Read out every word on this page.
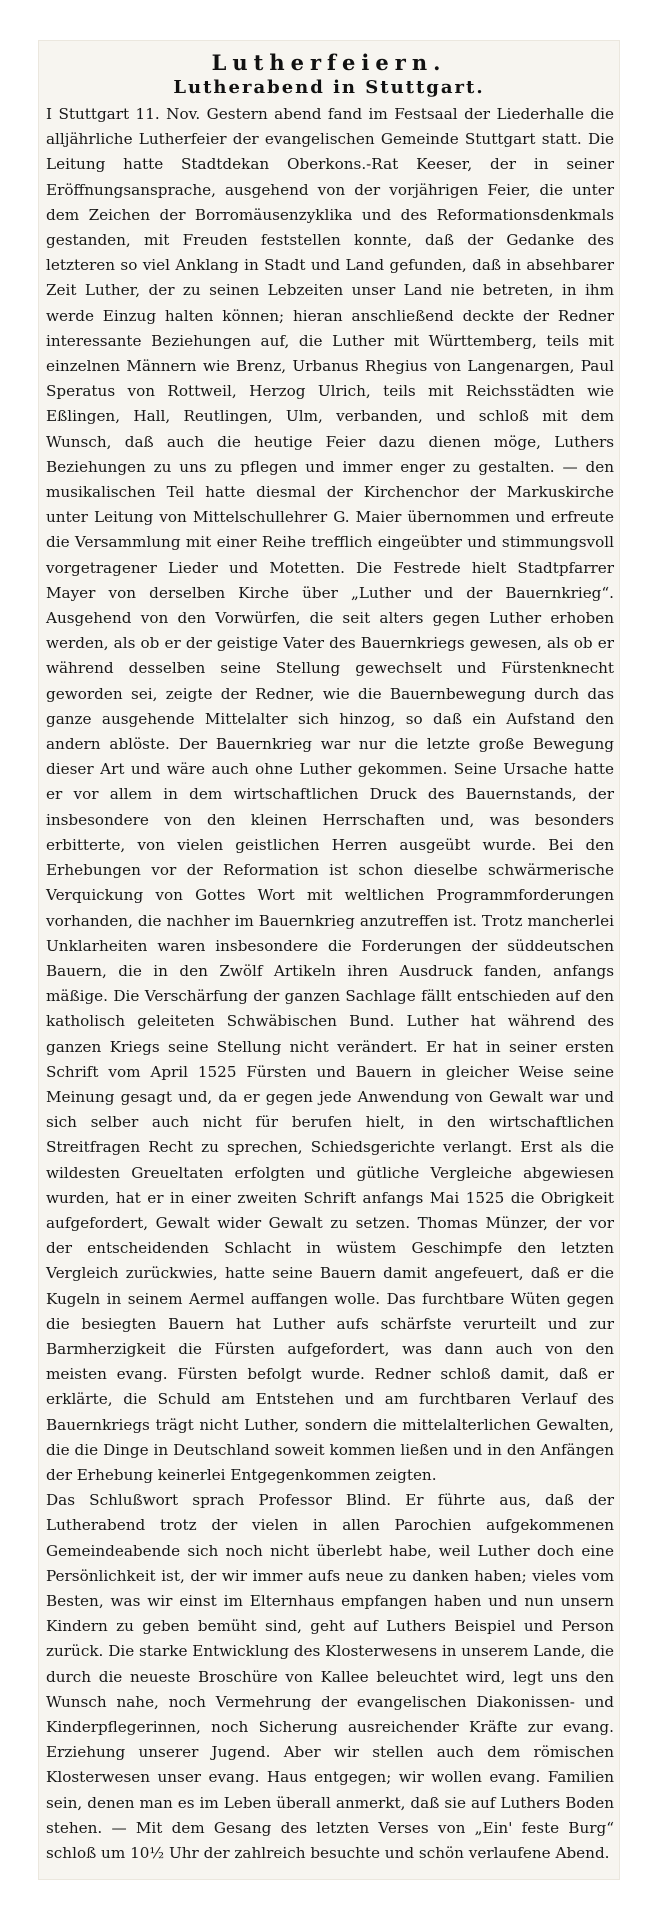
Lutherfeiern.
Lutherabend in Stuttgart.

I Stuttgart 11. Nov. Gestern abend fand im Festsaal der Liederhalle die alljährliche Lutherfeier der evangelischen Gemeinde Stuttgart statt. Die Leitung hatte Stadtdekan Oberkons.-Rat Keeser, der in seiner Eröffnungsansprache, ausgehend von der vorjährigen Feier, die unter dem Zeichen der Borromäusenzyklika und des Reformationsdenkmals gestanden, mit Freuden feststellen konnte, daß der Gedanke des letzteren so viel Anklang in Stadt und Land gefunden, daß in absehbarer Zeit Luther, der zu seinen Lebzeiten unser Land nie betreten, in ihm werde Einzug halten können; hieran anschließend deckte der Redner interessante Beziehungen auf, die Luther mit Württemberg, teils mit einzelnen Männern wie Brenz, Urbanus Rhegius von Langenargen, Paul Speratus von Rottweil, Herzog Ulrich, teils mit Reichsstädten wie Eßlingen, Hall, Reutlingen, Ulm, verbanden, und schloß mit dem Wunsch, daß auch die heutige Feier dazu dienen möge, Luthers Beziehungen zu uns zu pflegen und immer enger zu gestalten. — den musikalischen Teil hatte diesmal der Kirchenchor der Markuskirche unter Leitung von Mittelschullehrer G. Maier übernommen und erfreute die Versammlung mit einer Reihe trefflich eingeübter und stimmungsvoll vorgetragener Lieder und Motetten. Die Festrede hielt Stadtpfarrer Mayer von derselben Kirche über „Luther und der Bauernkrieg“. Ausgehend von den Vorwürfen, die seit alters gegen Luther erhoben werden, als ob er der geistige Vater des Bauernkriegs gewesen, als ob er während desselben seine Stellung gewechselt und Fürstenknecht geworden sei, zeigte der Redner, wie die Bauernbewegung durch das ganze ausgehende Mittelalter sich hinzog, so daß ein Aufstand den andern ablöste. Der Bauernkrieg war nur die letzte große Bewegung dieser Art und wäre auch ohne Luther gekommen. Seine Ursache hatte er vor allem in dem wirtschaftlichen Druck des Bauernstands, der insbesondere von den kleinen Herrschaften und, was besonders erbitterte, von vielen geistlichen Herren ausgeübt wurde. Bei den Erhebungen vor der Reformation ist schon dieselbe schwärmerische Verquickung von Gottes Wort mit weltlichen Programmforderungen vorhanden, die nachher im Bauernkrieg anzutreffen ist. Trotz mancherlei Unklarheiten waren insbesondere die Forderungen der süddeutschen Bauern, die in den Zwölf Artikeln ihren Ausdruck fanden, anfangs mäßige. Die Verschärfung der ganzen Sachlage fällt entschieden auf den katholisch geleiteten Schwäbischen Bund. Luther hat während des ganzen Kriegs seine Stellung nicht verändert. Er hat in seiner ersten Schrift vom April 1525 Fürsten und Bauern in gleicher Weise seine Meinung gesagt und, da er gegen jede Anwendung von Gewalt war und sich selber auch nicht für berufen hielt, in den wirtschaftlichen Streitfragen Recht zu sprechen, Schiedsgerichte verlangt. Erst als die wildesten Greueltaten erfolgten und gütliche Vergleiche abgewiesen wurden, hat er in einer zweiten Schrift anfangs Mai 1525 die Obrigkeit aufgefordert, Gewalt wider Gewalt zu setzen. Thomas Münzer, der vor der entscheidenden Schlacht in wüstem Geschimpfe den letzten Vergleich zurückwies, hatte seine Bauern damit angefeuert, daß er die Kugeln in seinem Aermel auffangen wolle. Das furchtbare Wüten gegen die besiegten Bauern hat Luther aufs schärfste verurteilt und zur Barmherzigkeit die Fürsten aufgefordert, was dann auch von den meisten evang. Fürsten befolgt wurde. Redner schloß damit, daß er erklärte, die Schuld am Entstehen und am furchtbaren Verlauf des Bauernkriegs trägt nicht Luther, sondern die mittelalterlichen Gewalten, die die Dinge in Deutschland soweit kommen ließen und in den Anfängen der Erhebung keinerlei Entgegenkommen zeigten.

Das Schlußwort sprach Professor Blind. Er führte aus, daß der Lutherabend trotz der vielen in allen Parochien aufgekommenen Gemeindeabende sich noch nicht überlebt habe, weil Luther doch eine Persönlichkeit ist, der wir immer aufs neue zu danken haben; vieles vom Besten, was wir einst im Elternhaus empfangen haben und nun unsern Kindern zu geben bemüht sind, geht auf Luthers Beispiel und Person zurück. Die starke Entwicklung des Klosterwesens in unserem Lande, die durch die neueste Broschüre von Kallee beleuchtet wird, legt uns den Wunsch nahe, noch Vermehrung der evangelischen Diakonissen- und Kinderpflegerinnen, noch Sicherung ausreichender Kräfte zur evang. Erziehung unserer Jugend. Aber wir stellen auch dem römischen Klosterwesen unser evang. Haus entgegen; wir wollen evang. Familien sein, denen man es im Leben überall anmerkt, daß sie auf Luthers Boden stehen. — Mit dem Gesang des letzten Verses von „Ein' feste Burg“ schloß um 10½ Uhr der zahlreich besuchte und schön verlaufene Abend.
